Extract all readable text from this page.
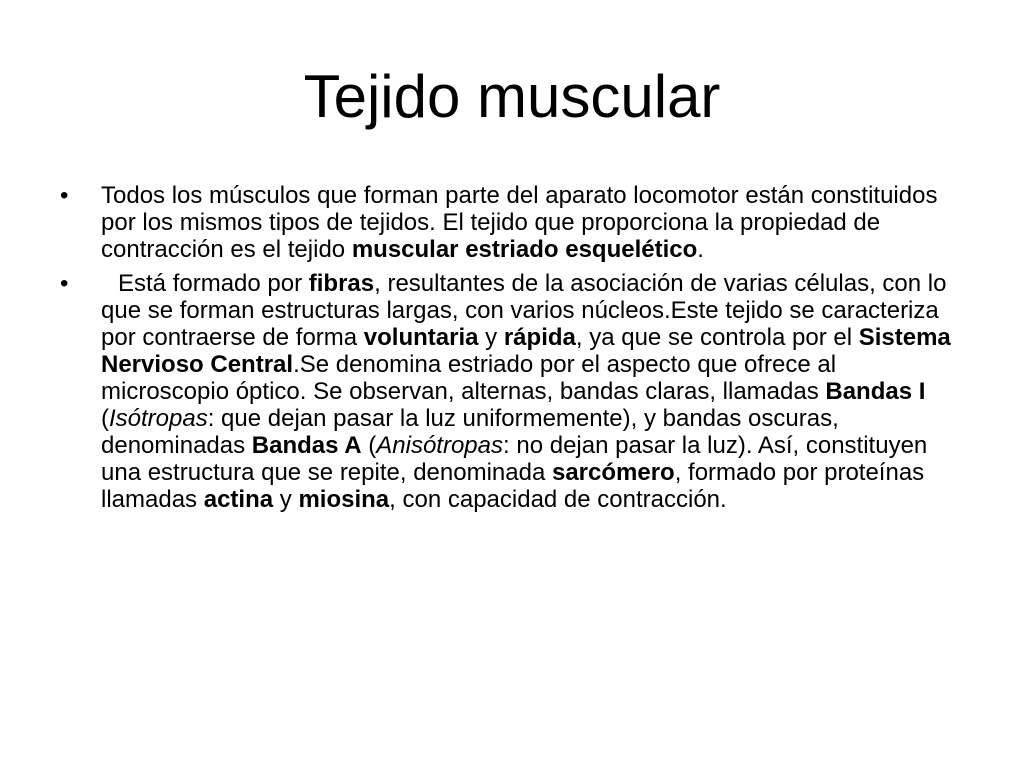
Tejido muscular
• Todos los músculos que forman parte del aparato locomotor están constituidos por los mismos tipos de tejidos. El tejido que proporciona la propiedad de contracción es el tejido muscular estriado esquelético.
• Está formado por fibras, resultantes de la asociación de varias células, con lo que se forman estructuras largas, con varios núcleos.Este tejido se caracteriza por contraerse de forma voluntaria y rápida, ya que se controla por el Sistema Nervioso Central.Se denomina estriado por el aspecto que ofrece al microscopio óptico. Se observan, alternas, bandas claras, llamadas Bandas I (Isótropas: que dejan pasar la luz uniformemente), y bandas oscuras, denominadas Bandas A (Anisótropas: no dejan pasar la luz). Así, constituyen una estructura que se repite, denominada sarcómero, formado por proteínas llamadas actina y miosina, con capacidad de contracción.
